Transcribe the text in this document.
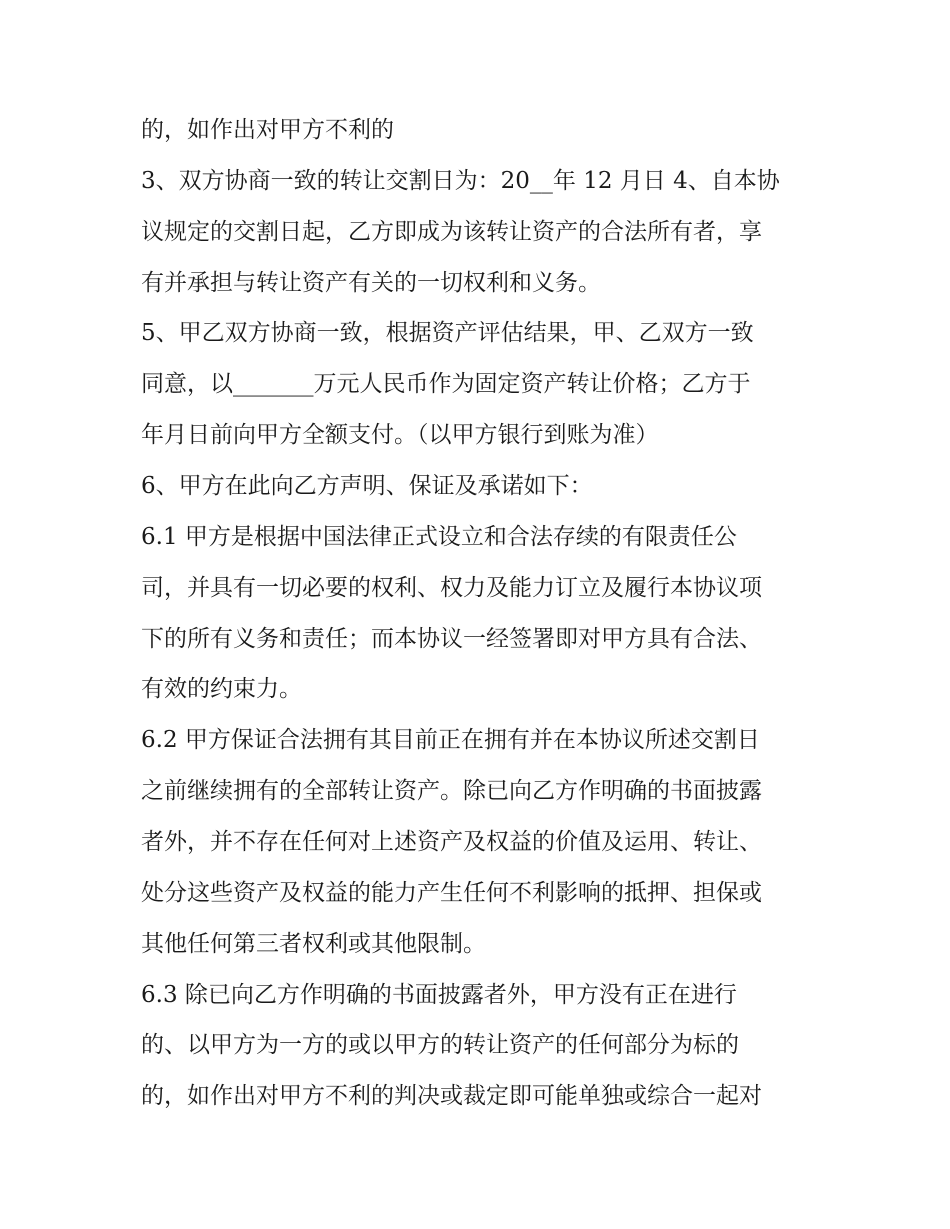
的，如作出对甲方不利的

3、双方协商一致的转让交割日为：20__年 12 月日 4、自本协

议规定的交割日起，乙方即成为该转让资产的合法所有者，享

有并承担与转让资产有关的一切权利和义务。

5、甲乙双方协商一致，根据资产评估结果，甲、乙双方一致

同意，以_______万元人民币作为固定资产转让价格；乙方于

年月日前向甲方全额支付。（以甲方银行到账为准）

6、甲方在此向乙方声明、保证及承诺如下：

6.1 甲方是根据中国法律正式设立和合法存续的有限责任公

司，并具有一切必要的权利、权力及能力订立及履行本协议项

下的所有义务和责任；而本协议一经签署即对甲方具有合法、

有效的约束力。

6.2 甲方保证合法拥有其目前正在拥有并在本协议所述交割日

之前继续拥有的全部转让资产。除已向乙方作明确的书面披露

者外，并不存在任何对上述资产及权益的价值及运用、转让、

处分这些资产及权益的能力产生任何不利影响的抵押、担保或

其他任何第三者权利或其他限制。

6.3 除已向乙方作明确的书面披露者外，甲方没有正在进行

的、以甲方为一方的或以甲方的转让资产的任何部分为标的

的，如作出对甲方不利的判决或裁定即可能单独或综合一起对
